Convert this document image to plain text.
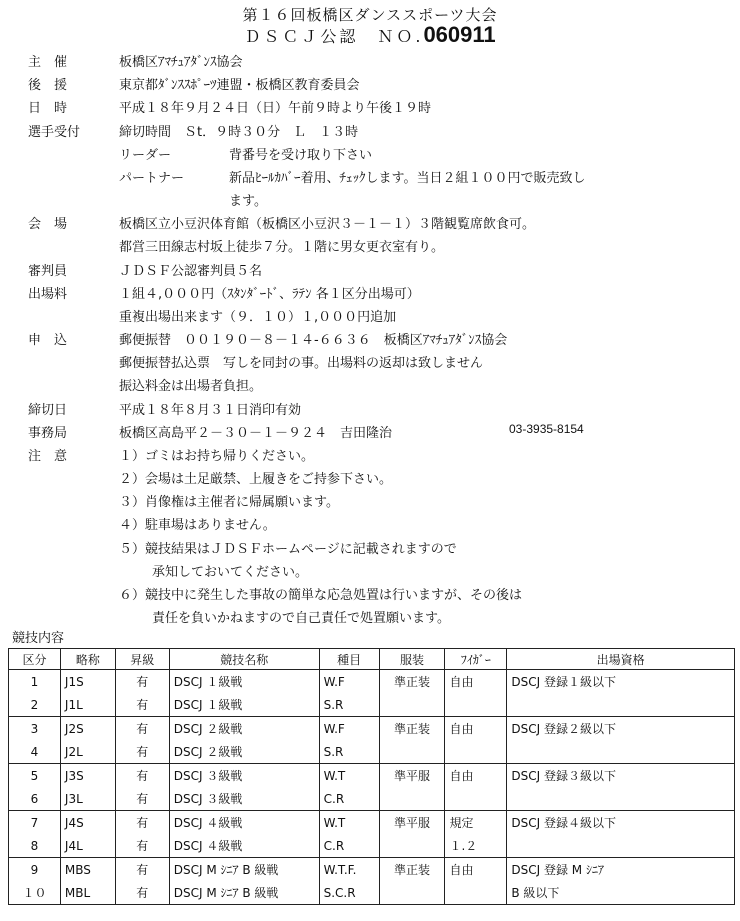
第１６回板橋区ダンススポーツ大会
ＤＳＣＪ公認　ＮＯ.060911
主　催	板橋区ｱﾏﾁｭｱﾀﾞﾝｽ協会
後　援	東京都ﾀﾞﾝｽｽﾎﾟｰﾂ連盟・板橋区教育委員会
日　時	平成１８年９月２４日（日）午前９時より午後１９時
選手受付	締切時間　Ｓt．９時３０分　Ｌ　１３時
リーダー	背番号を受け取り下さい
パートナー	新品ﾋｰﾙｶﾊﾞｰ着用、ﾁｪｯｸします。当日２組１００円で販売致し
ます。
会　場	板橋区立小豆沢体育館（板橋区小豆沢３－１－１）３階観覧席飲食可。
都営三田線志村坂上徒歩７分。１階に男女更衣室有り。
審判員	ＪＤＳＦ公認審判員５名
出場料	１組４,０００円（ｽﾀﾝﾀﾞｰﾄﾞ、ﾗﾃﾝ 各１区分出場可）
重複出場出来ます（９．１０）１,０００円追加
申　込	郵便振替　００１９０－８－１４-６６３６　板橋区ｱﾏﾁｭｱﾀﾞﾝｽ協会
郵便振替払込票　写しを同封の事。出場料の返却は致しません
振込料金は出場者負担。
締切日	平成１８年８月３１日消印有効
事務局	板橋区高島平２－３０－１－９２４　吉田隆治	03-3935-8154
注　意	１）ゴミはお持ち帰りください。
２）会場は土足厳禁、上履きをご持参下さい。
３）肖像権は主催者に帰属願います。
４）駐車場はありません。
５）競技結果はＪＤＳＦホームページに記載されますので
承知しておいてください。
６）競技中に発生した事故の簡単な応急処置は行いますが、その後は
責任を負いかねますので自己責任で処置願います。
競技内容
区分	略称	昇級	競技名称	種目	服装	ﾌｲｶﾞｰ	出場資格
1	J1S	有	DSCJ １級戦	W.F	準正装	自由	DSCJ 登録１級以下
2	J1L	有	DSCJ １級戦	S.R			
3	J2S	有	DSCJ ２級戦	W.F	準正装	自由	DSCJ 登録２級以下
4	J2L	有	DSCJ ２級戦	S.R			
5	J3S	有	DSCJ ３級戦	W.T	準平服	自由	DSCJ 登録３級以下
6	J3L	有	DSCJ ３級戦	C.R			
7	J4S	有	DSCJ ４級戦	W.T	準平服	規定	DSCJ 登録４級以下
8	J4L	有	DSCJ ４級戦	C.R		１.２	
9	MBS	有	DSCJ M ｼﾆｱ B 級戦	W.T.F.	準正装	自由	DSCJ 登録 M ｼﾆｱ
１０	MBL	有	DSCJ M ｼﾆｱ B 級戦	S.C.R			B 級以下
